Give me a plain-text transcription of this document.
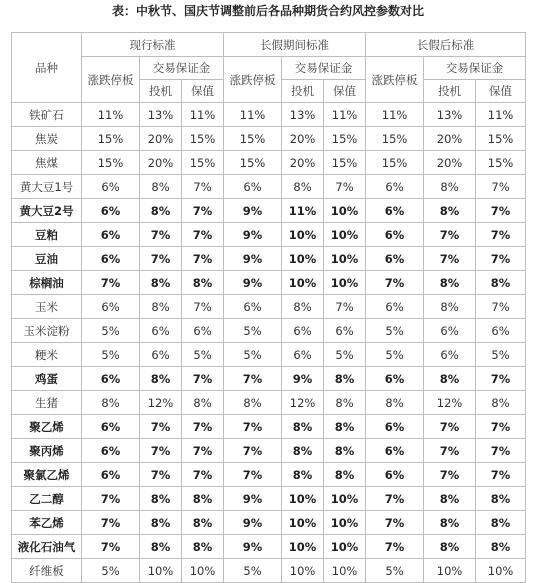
表：中秋节、国庆节调整前后各品种期货合约风控参数对比
品种	现行标准			长假期间标准			长假后标准		
	涨跌停板	交易保证金		涨跌停板	交易保证金		涨跌停板	交易保证金	
		投机	保值		投机	保值		投机	保值
铁矿石	11%	13%	11%	11%	13%	11%	11%	13%	11%
焦炭	15%	20%	15%	15%	20%	15%	15%	20%	15%
焦煤	15%	20%	15%	15%	20%	15%	15%	20%	15%
黄大豆1号	6%	8%	7%	6%	8%	7%	6%	8%	7%
黄大豆2号	6%	8%	7%	9%	11%	10%	6%	8%	7%
豆粕	6%	7%	7%	9%	10%	10%	6%	7%	7%
豆油	6%	7%	7%	9%	10%	10%	6%	7%	7%
棕榈油	7%	8%	8%	9%	10%	10%	7%	8%	8%
玉米	6%	8%	7%	6%	8%	7%	6%	8%	7%
玉米淀粉	5%	6%	6%	5%	6%	6%	5%	6%	6%
粳米	5%	6%	5%	5%	6%	5%	5%	6%	5%
鸡蛋	6%	8%	7%	7%	9%	8%	6%	8%	7%
生猪	8%	12%	8%	8%	12%	8%	8%	12%	8%
聚乙烯	6%	7%	7%	7%	8%	8%	6%	7%	7%
聚丙烯	6%	7%	7%	7%	8%	8%	6%	7%	7%
聚氯乙烯	6%	7%	7%	7%	8%	8%	6%	7%	7%
乙二醇	7%	8%	8%	9%	10%	10%	7%	8%	8%
苯乙烯	7%	8%	8%	9%	10%	10%	7%	8%	8%
液化石油气	7%	8%	8%	9%	10%	10%	7%	8%	8%
纤维板	5%	10%	10%	5%	10%	10%	5%	10%	10%
